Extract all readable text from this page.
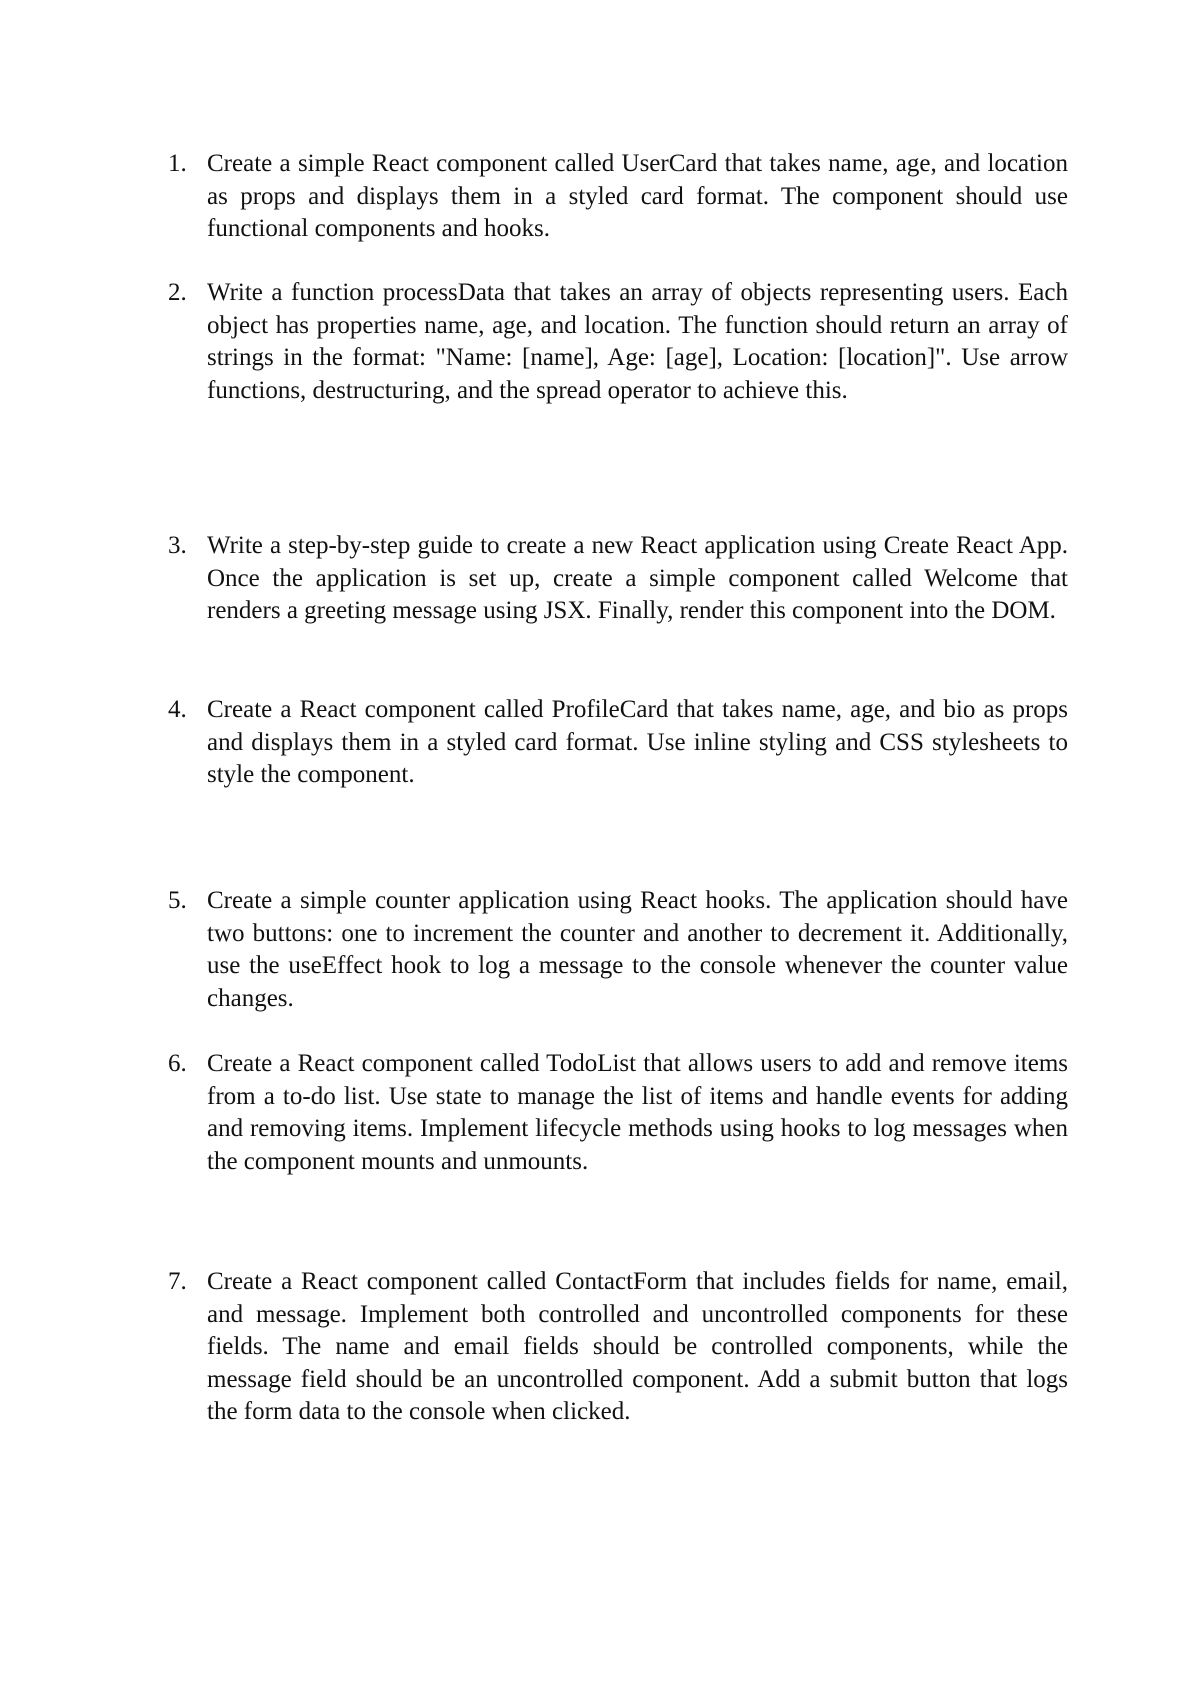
1. Create a simple React component called UserCard that takes name, age, and location as props and displays them in a styled card format. The component should use functional components and hooks.
2. Write a function processData that takes an array of objects representing users. Each object has properties name, age, and location. The function should return an array of strings in the format: "Name: [name], Age: [age], Location: [location]". Use arrow functions, destructuring, and the spread operator to achieve this.
3. Write a step-by-step guide to create a new React application using Create React App. Once the application is set up, create a simple component called Welcome that renders a greeting message using JSX. Finally, render this component into the DOM.
4. Create a React component called ProfileCard that takes name, age, and bio as props and displays them in a styled card format. Use inline styling and CSS stylesheets to style the component.
5. Create a simple counter application using React hooks. The application should have two buttons: one to increment the counter and another to decrement it. Additionally, use the useEffect hook to log a message to the console whenever the counter value changes.
6. Create a React component called TodoList that allows users to add and remove items from a to-do list. Use state to manage the list of items and handle events for adding and removing items. Implement lifecycle methods using hooks to log messages when the component mounts and unmounts.
7. Create a React component called ContactForm that includes fields for name, email, and message. Implement both controlled and uncontrolled components for these fields. The name and email fields should be controlled components, while the message field should be an uncontrolled component. Add a submit button that logs the form data to the console when clicked.
